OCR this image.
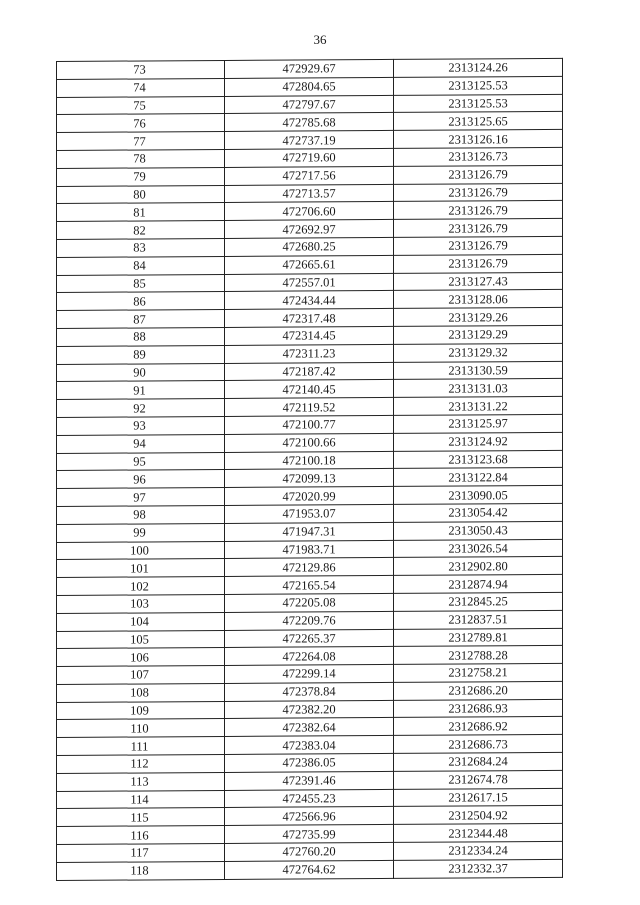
36
73	472929.67	2313124.26
74	472804.65	2313125.53
75	472797.67	2313125.53
76	472785.68	2313125.65
77	472737.19	2313126.16
78	472719.60	2313126.73
79	472717.56	2313126.79
80	472713.57	2313126.79
81	472706.60	2313126.79
82	472692.97	2313126.79
83	472680.25	2313126.79
84	472665.61	2313126.79
85	472557.01	2313127.43
86	472434.44	2313128.06
87	472317.48	2313129.26
88	472314.45	2313129.29
89	472311.23	2313129.32
90	472187.42	2313130.59
91	472140.45	2313131.03
92	472119.52	2313131.22
93	472100.77	2313125.97
94	472100.66	2313124.92
95	472100.18	2313123.68
96	472099.13	2313122.84
97	472020.99	2313090.05
98	471953.07	2313054.42
99	471947.31	2313050.43
100	471983.71	2313026.54
101	472129.86	2312902.80
102	472165.54	2312874.94
103	472205.08	2312845.25
104	472209.76	2312837.51
105	472265.37	2312789.81
106	472264.08	2312788.28
107	472299.14	2312758.21
108	472378.84	2312686.20
109	472382.20	2312686.93
110	472382.64	2312686.92
111	472383.04	2312686.73
112	472386.05	2312684.24
113	472391.46	2312674.78
114	472455.23	2312617.15
115	472566.96	2312504.92
116	472735.99	2312344.48
117	472760.20	2312334.24
118	472764.62	2312332.37
